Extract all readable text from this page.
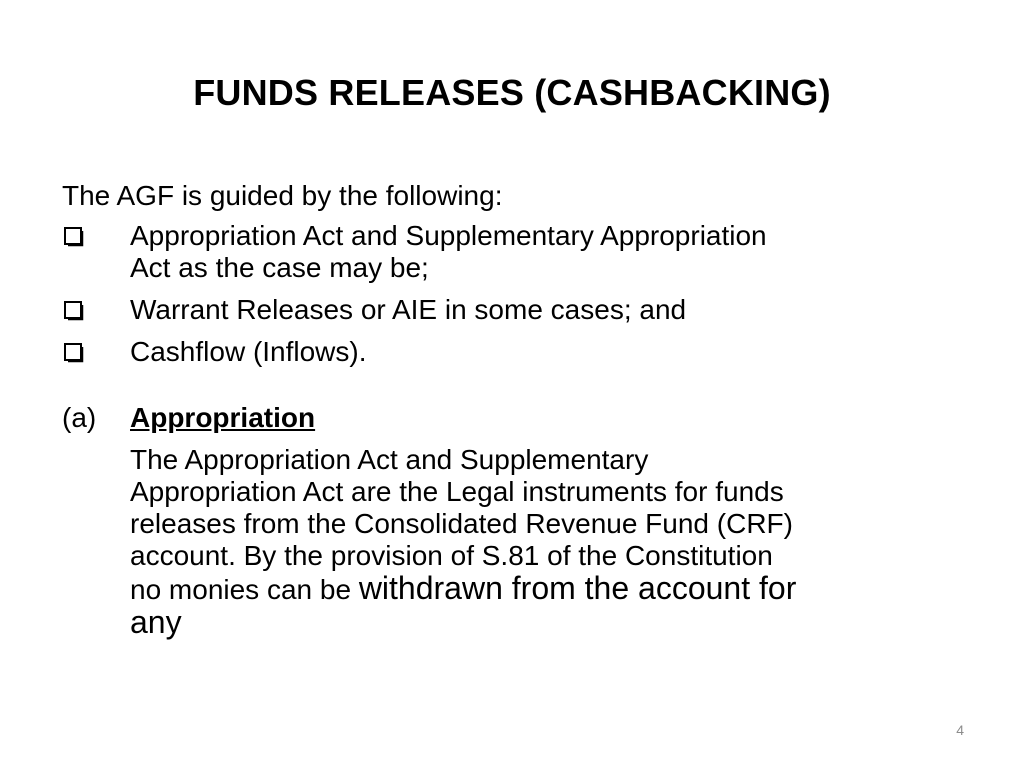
FUNDS RELEASES (CASHBACKING)
The AGF is guided by the following:
Appropriation Act and Supplementary Appropriation
Act as the case may be;
Warrant Releases or AIE in some cases; and
Cashflow (Inflows).
(a)	Appropriation
The Appropriation Act and Supplementary
Appropriation Act are the Legal instruments for funds
releases from the Consolidated Revenue Fund (CRF)
account. By the provision of S.81 of the Constitution
no monies can be withdrawn from the account for
any
4
